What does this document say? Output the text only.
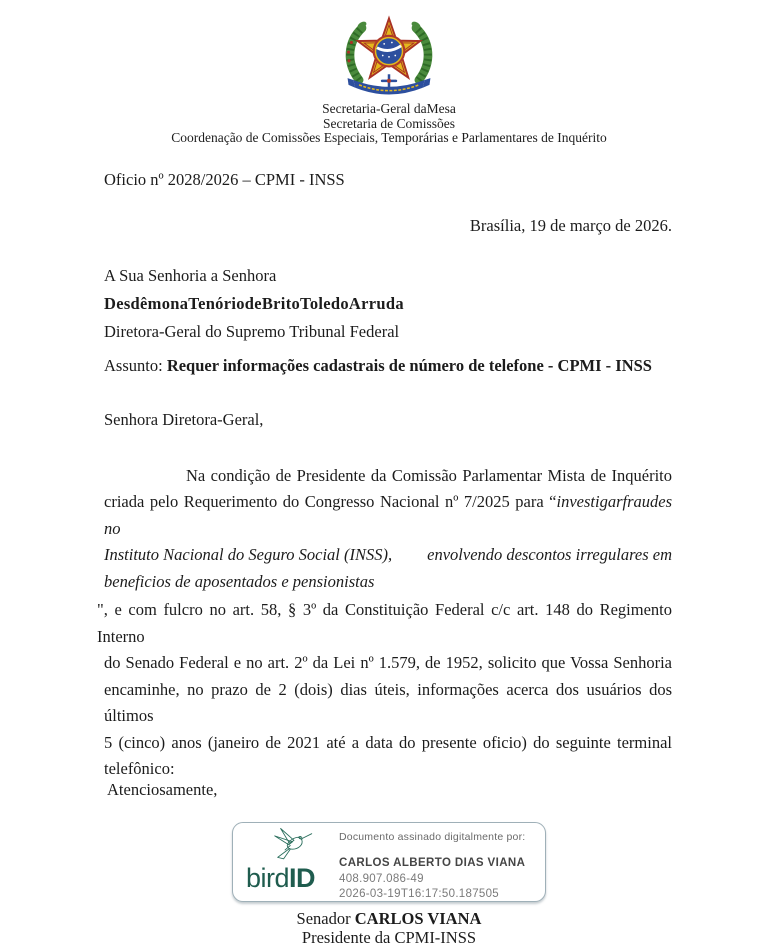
Secretaria-Geral daMesa
Secretaria de Comissões
Coordenação de Comissões Especiais, Temporárias e Parlamentares de Inquérito
Oficio nº 2028/2026 – CPMI - INSS
Brasília, 19 de março de 2026.
A Sua Senhoria a Senhora
DesdêmonaTenóriodeBritoToledoArruda
Diretora-Geral do Supremo Tribunal Federal
Assunto: Requer informações cadastrais de número de telefone - CPMI - INSS
Senhora Diretora-Geral,
Na condição de Presidente da Comissão Parlamentar Mista de Inquérito
criada pelo Requerimento do Congresso Nacional nº 7/2025 para “investigarfraudes no
Instituto Nacional do Seguro Social (INSS), envolvendo descontos irregulares em
beneficios de aposentados e pensionistas
", e com fulcro no art. 58, § 3º da Constituição Federal c/c art. 148 do Regimento Interno
do Senado Federal e no art. 2º da Lei nº 1.579, de 1952, solicito que Vossa Senhoria
encaminhe, no prazo de 2 (dois) dias úteis, informações acerca dos usuários dos últimos
5 (cinco) anos (janeiro de 2021 até a data do presente oficio) do seguinte terminal
telefônico:
Atenciosamente,
birdID
Documento assinado digitalmente por:
CARLOS ALBERTO DIAS VIANA
408.907.086-49
2026-03-19T16:17:50.187505
Senador CARLOS VIANA
Presidente da CPMI-INSS
